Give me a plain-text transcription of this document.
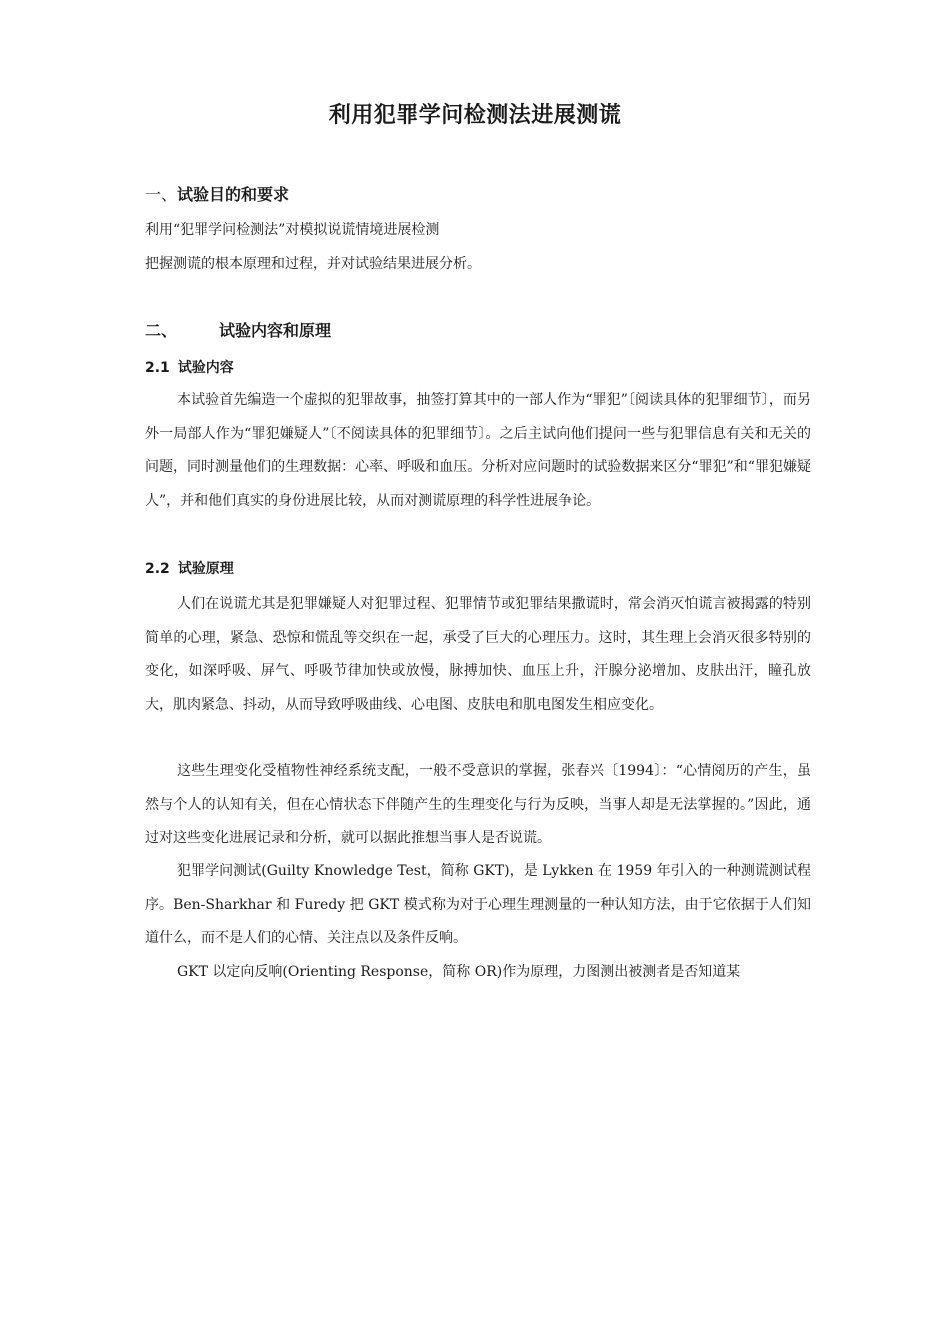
利用犯罪学问检测法进展测谎
一、试验目的和要求

利用“犯罪学问检测法”对模拟说谎情境进展检测

把握测谎的根本原理和过程，并对试验结果进展分析。

二、	试验内容和原理
2.1 试验内容

本试验首先编造一个虚拟的犯罪故事，抽签打算其中的一部人作为“罪犯”〔阅读具体的犯罪细节〕，而另外一局部人作为“罪犯嫌疑人”〔不阅读具体的犯罪细节〕。之后主试向他们提问一些与犯罪信息有关和无关的问题，同时测量他们的生理数据：心率、呼吸和血压。分析对应问题时的试验数据来区分“罪犯”和“罪犯嫌疑人”，并和他们真实的身份进展比较，从而对测谎原理的科学性进展争论。

2.2 试验原理

人们在说谎尤其是犯罪嫌疑人对犯罪过程、犯罪情节或犯罪结果撒谎时，常会消灭怕谎言被揭露的特别简单的心理，紧急、恐惊和慌乱等交织在一起，承受了巨大的心理压力。这时，其生理上会消灭很多特别的变化，如深呼吸、屏气、呼吸节律加快或放慢，脉搏加快、血压上升，汗腺分泌增加、皮肤出汗，瞳孔放大，肌肉紧急、抖动，从而导致呼吸曲线、心电图、皮肤电和肌电图发生相应变化。

这些生理变化受植物性神经系统支配，一般不受意识的掌握，张春兴〔1994〕：“心情阅历的产生，虽然与个人的认知有关，但在心情状态下伴随产生的生理变化与行为反映，当事人却是无法掌握的。”因此，通过对这些变化进展记录和分析，就可以据此推想当事人是否说谎。

犯罪学问测试(Guilty Knowledge Test，简称 GKT)，是 Lykken 在 1959 年引入的一种测谎测试程序。Ben-Sharkhar 和 Furedy 把 GKT 模式称为对于心理生理测量的一种认知方法，由于它依据于人们知道什么，而不是人们的心情、关注点以及条件反响。

GKT 以定向反响(Orienting Response，简称 OR)作为原理，力图测出被测者是否知道某
